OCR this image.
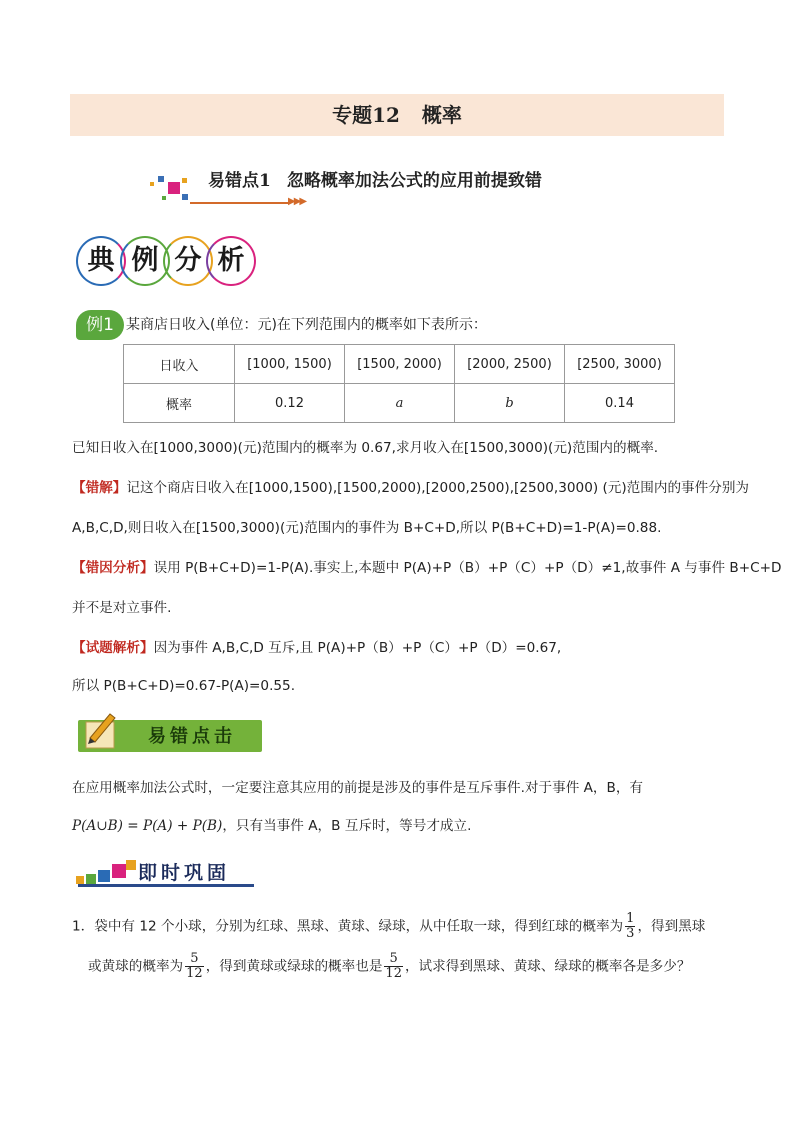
专题12 概率
易错点1 忽略概率加法公式的应用前提致错
▶▶▶
典 例 分 析
例1 某商店日收入(单位：元)在下列范围内的概率如下表所示：
日收入	[1000, 1500)	[1500, 2000)	[2000, 2500)	[2500, 3000)
概率	0.12	a	b	0.14
已知日收入在[1000,3000)(元)范围内的概率为 0.67,求月收入在[1500,3000)(元)范围内的概率.
【错解】记这个商店日收入在[1000,1500),[1500,2000),[2000,2500),[2500,3000) (元)范围内的事件分别为
A,B,C,D,则日收入在[1500,3000)(元)范围内的事件为 B+C+D,所以 P(B+C+D)=1-P(A)=0.88.
【错因分析】误用 P(B+C+D)=1-P(A).事实上,本题中 P(A)+P（B）+P（C）+P（D）≠1,故事件 A 与事件 B+C+D
并不是对立事件.
【试题解析】因为事件 A,B,C,D 互斥,且 P(A)+P（B）+P（C）+P（D）=0.67,
所以 P(B+C+D)=0.67-P(A)=0.55.
易错点击
在应用概率加法公式时，一定要注意其应用的前提是涉及的事件是互斥事件.对于事件 A，B，有
P(A∪B) = P(A) + P(B)，只有当事件 A，B 互斥时，等号才成立.
即时巩固
1．袋中有 12 个小球，分别为红球、黑球、黄球、绿球，从中任取一球，得到红球的概率为 $\frac{1}{3}$ ，得到黑球
或黄球的概率为 $\frac{5}{12}$ ，得到黄球或绿球的概率也是 $\frac{5}{12}$ ，试求得到黑球、黄球、绿球的概率各是多少？
